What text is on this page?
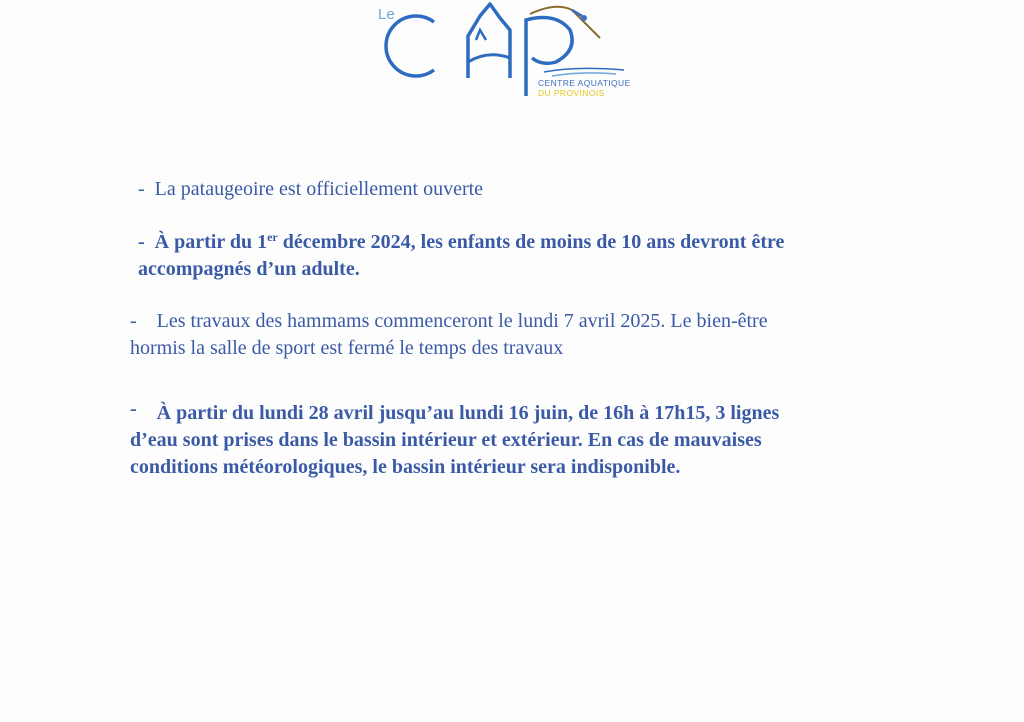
Le
CENTRE AQUATIQUE
DU PROVINOIS
- La pataugeoire est officiellement ouverte
- À partir du 1er décembre 2024, les enfants de moins de 10 ans devront être
accompagnés d’un adulte.
- Les travaux des hammams commenceront le lundi 7 avril 2025. Le bien-être
hormis la salle de sport est fermé le temps des travaux
- À partir du lundi 28 avril jusqu’au lundi 16 juin, de 16h à 17h15, 3 lignes
d’eau sont prises dans le bassin intérieur et extérieur. En cas de mauvaises
conditions météorologiques, le bassin intérieur sera indisponible.
